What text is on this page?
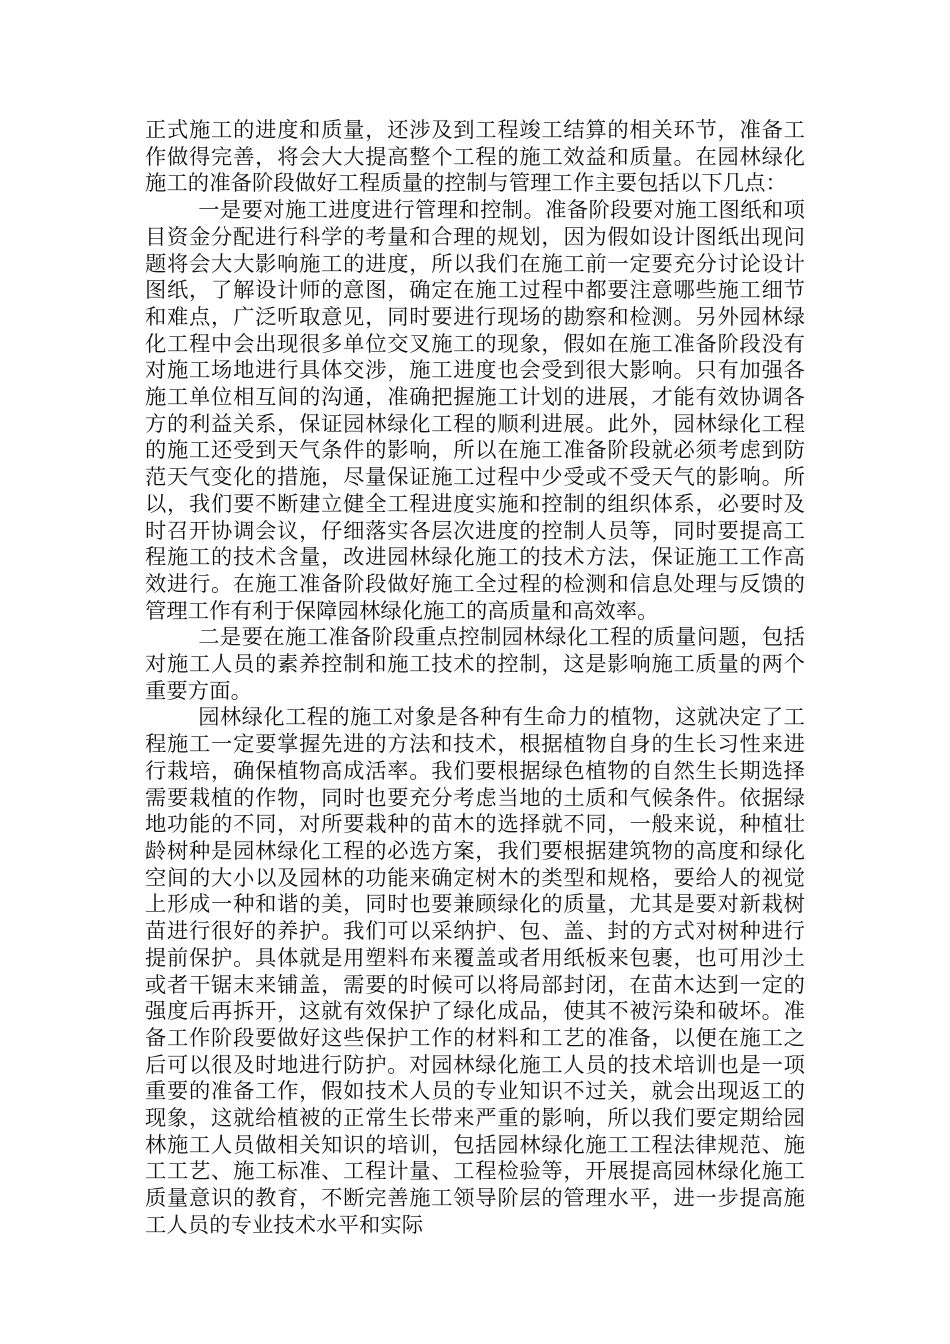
正式施工的进度和质量，还涉及到工程竣工结算的相关环节，准备工作做得完善，将会大大提高整个工程的施工效益和质量。在园林绿化施工的准备阶段做好工程质量的控制与管理工作主要包括以下几点：

一是要对施工进度进行管理和控制。准备阶段要对施工图纸和项目资金分配进行科学的考量和合理的规划，因为假如设计图纸出现问题将会大大影响施工的进度，所以我们在施工前一定要充分讨论设计图纸，了解设计师的意图，确定在施工过程中都要注意哪些施工细节和难点，广泛听取意见，同时要进行现场的勘察和检测。另外园林绿化工程中会出现很多单位交叉施工的现象，假如在施工准备阶段没有对施工场地进行具体交涉，施工进度也会受到很大影响。只有加强各施工单位相互间的沟通，准确把握施工计划的进展，才能有效协调各方的利益关系，保证园林绿化工程的顺利进展。此外，园林绿化工程的施工还受到天气条件的影响，所以在施工准备阶段就必须考虑到防范天气变化的措施，尽量保证施工过程中少受或不受天气的影响。所以，我们要不断建立健全工程进度实施和控制的组织体系，必要时及时召开协调会议，仔细落实各层次进度的控制人员等，同时要提高工程施工的技术含量，改进园林绿化施工的技术方法，保证施工工作高效进行。在施工准备阶段做好施工全过程的检测和信息处理与反馈的管理工作有利于保障园林绿化施工的高质量和高效率。

二是要在施工准备阶段重点控制园林绿化工程的质量问题，包括对施工人员的素养控制和施工技术的控制，这是影响施工质量的两个重要方面。

园林绿化工程的施工对象是各种有生命力的植物，这就决定了工程施工一定要掌握先进的方法和技术，根据植物自身的生长习性来进行栽培，确保植物高成活率。我们要根据绿色植物的自然生长期选择需要栽植的作物，同时也要充分考虑当地的土质和气候条件。依据绿地功能的不同，对所要栽种的苗木的选择就不同，一般来说，种植壮龄树种是园林绿化工程的必选方案，我们要根据建筑物的高度和绿化空间的大小以及园林的功能来确定树木的类型和规格，要给人的视觉上形成一种和谐的美，同时也要兼顾绿化的质量，尤其是要对新栽树苗进行很好的养护。我们可以采纳护、包、盖、封的方式对树种进行提前保护。具体就是用塑料布来覆盖或者用纸板来包裹，也可用沙土或者干锯末来铺盖，需要的时候可以将局部封闭，在苗木达到一定的强度后再拆开，这就有效保护了绿化成品，使其不被污染和破坏。准备工作阶段要做好这些保护工作的材料和工艺的准备，以便在施工之后可以很及时地进行防护。对园林绿化施工人员的技术培训也是一项重要的准备工作，假如技术人员的专业知识不过关，就会出现返工的现象，这就给植被的正常生长带来严重的影响，所以我们要定期给园林施工人员做相关知识的培训，包括园林绿化施工工程法律规范、施工工艺、施工标准、工程计量、工程检验等，开展提高园林绿化施工质量意识的教育，不断完善施工领导阶层的管理水平，进一步提高施工人员的专业技术水平和实际
